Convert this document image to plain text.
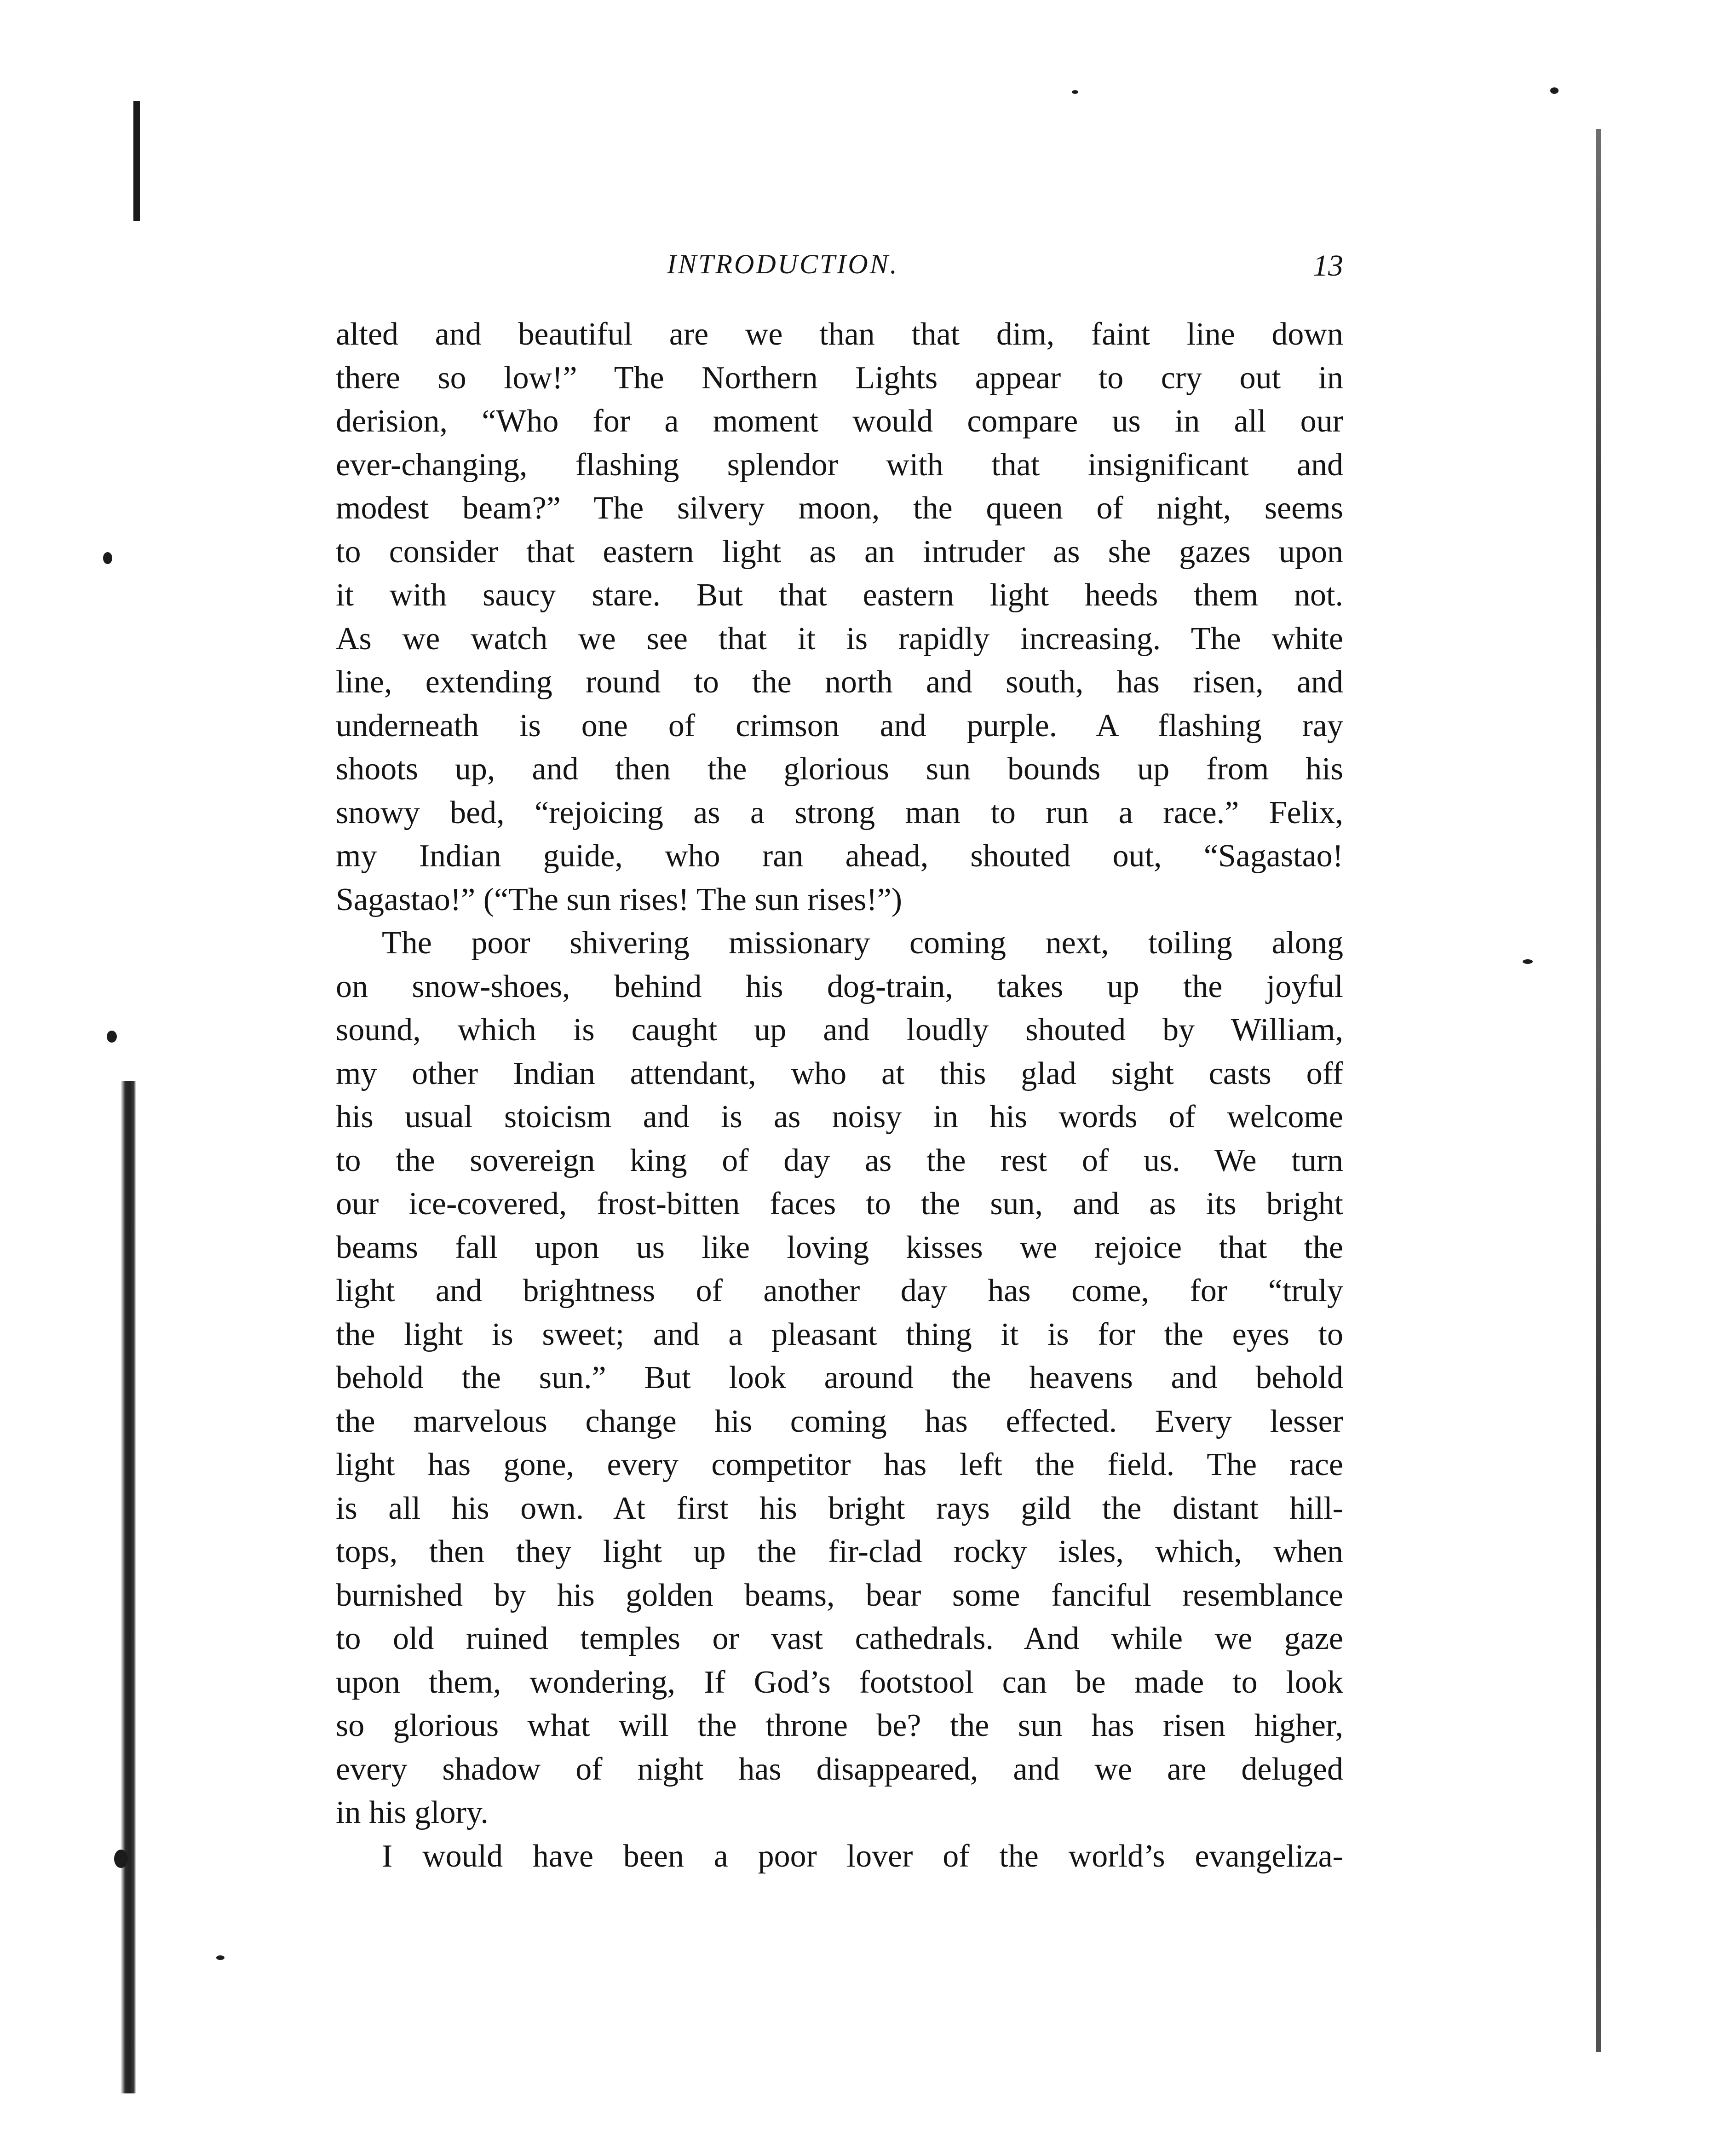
INTRODUCTION.	13
alted and beautiful are we than that dim, faint line down
there so low!” The Northern Lights appear to cry out in
derision, “Who for a moment would compare us in all our
ever-changing, flashing splendor with that insignificant and
modest beam?” The silvery moon, the queen of night, seems
to consider that eastern light as an intruder as she gazes upon
it with saucy stare. But that eastern light heeds them not.
As we watch we see that it is rapidly increasing. The white
line, extending round to the north and south, has risen, and
underneath is one of crimson and purple. A flashing ray
shoots up, and then the glorious sun bounds up from his
snowy bed, “rejoicing as a strong man to run a race.” Felix,
my Indian guide, who ran ahead, shouted out, “Sagastao!
Sagastao!” (“The sun rises! The sun rises!”)
The poor shivering missionary coming next, toiling along
on snow-shoes, behind his dog-train, takes up the joyful
sound, which is caught up and loudly shouted by William,
my other Indian attendant, who at this glad sight casts off
his usual stoicism and is as noisy in his words of welcome
to the sovereign king of day as the rest of us. We turn
our ice-covered, frost-bitten faces to the sun, and as its bright
beams fall upon us like loving kisses we rejoice that the
light and brightness of another day has come, for “truly
the light is sweet; and a pleasant thing it is for the eyes to
behold the sun.” But look around the heavens and behold
the marvelous change his coming has effected. Every lesser
light has gone, every competitor has left the field. The race
is all his own. At first his bright rays gild the distant hill-
tops, then they light up the fir-clad rocky isles, which, when
burnished by his golden beams, bear some fanciful resemblance
to old ruined temples or vast cathedrals. And while we gaze
upon them, wondering, If God’s footstool can be made to look
so glorious what will the throne be? the sun has risen higher,
every shadow of night has disappeared, and we are deluged
in his glory.
I would have been a poor lover of the world’s evangeliza-
